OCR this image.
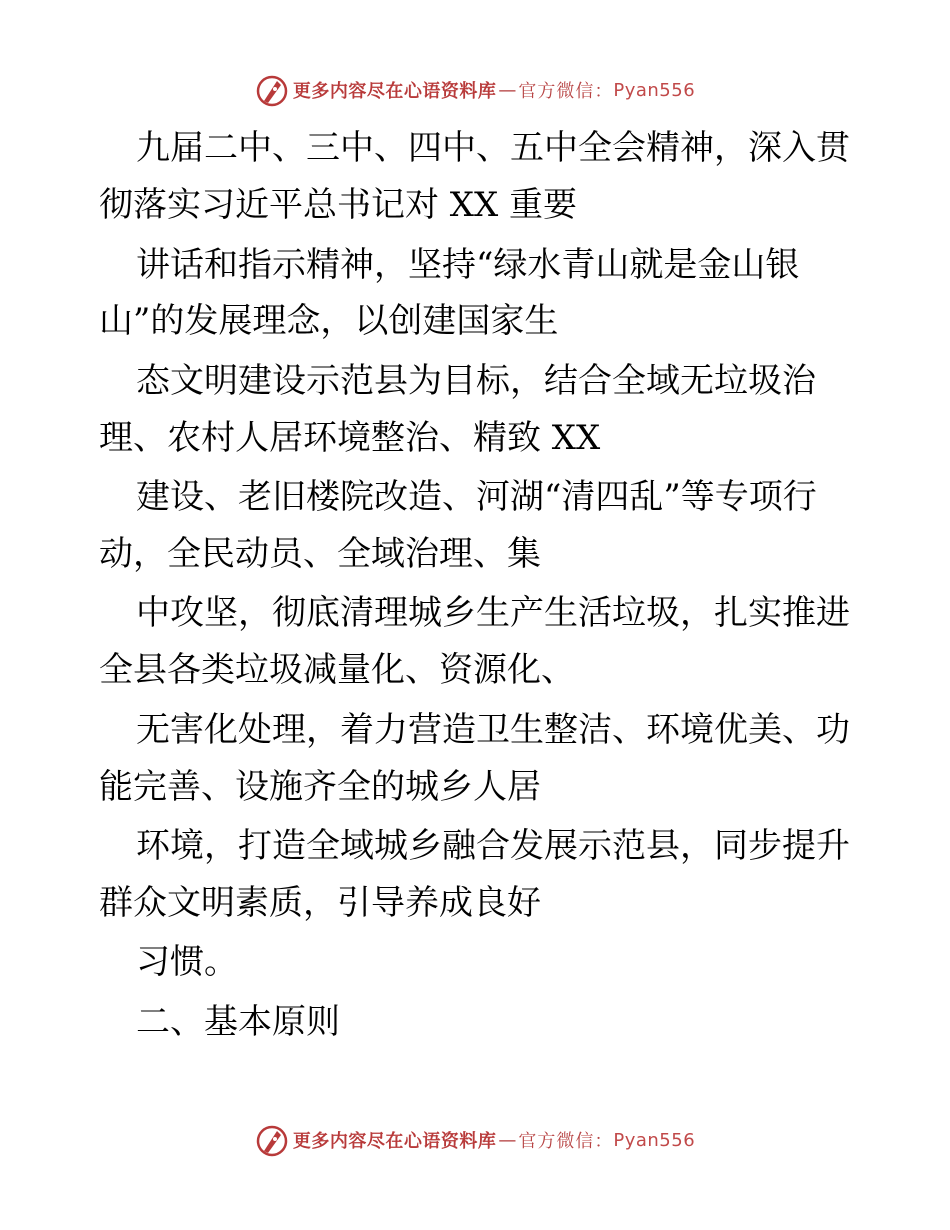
更多内容尽在心语资料库 — 官方微信： Pyan556
九届二中、三中、四中、五中全会精神，深入贯
彻落实习近平总书记对 XX 重要
讲话和指示精神，坚持“绿水青山就是金山银
山”的发展理念，以创建国家生
态文明建设示范县为目标，结合全域无垃圾治
理、农村人居环境整治、精致 XX
建设、老旧楼院改造、河湖“清四乱”等专项行
动，全民动员、全域治理、集
中攻坚，彻底清理城乡生产生活垃圾，扎实推进
全县各类垃圾减量化、资源化、
无害化处理，着力营造卫生整洁、环境优美、功
能完善、设施齐全的城乡人居
环境，打造全域城乡融合发展示范县，同步提升
群众文明素质，引导养成良好
习惯。
二、基本原则
更多内容尽在心语资料库 — 官方微信： Pyan556
